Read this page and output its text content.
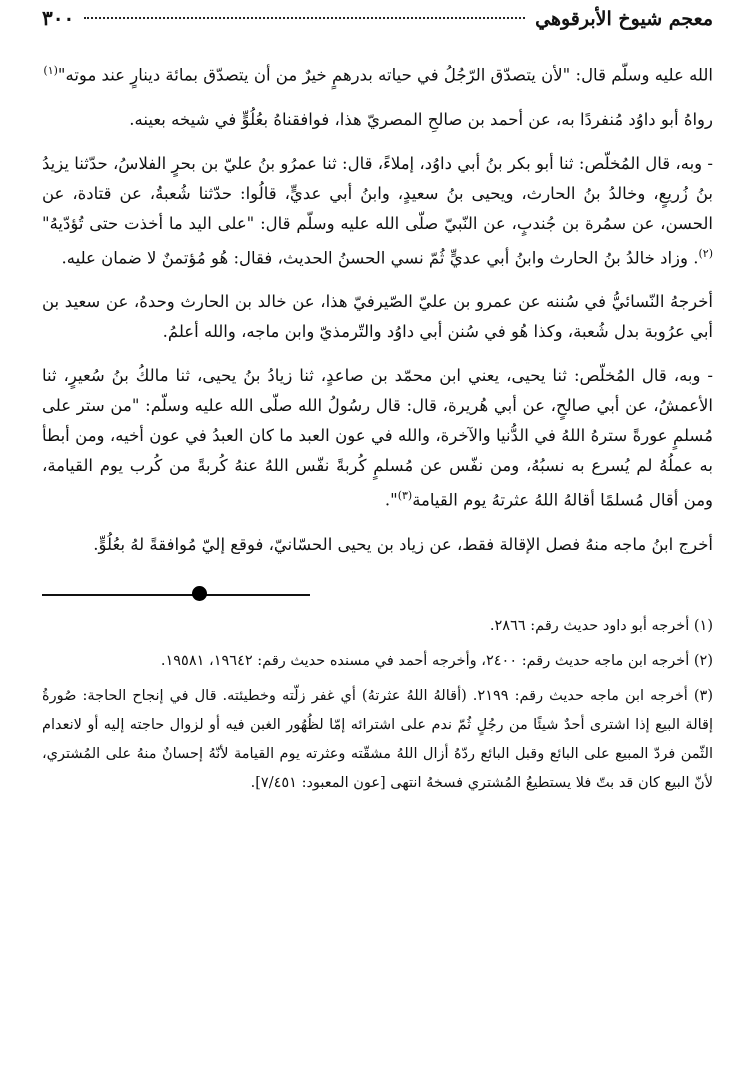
معجم شيوخ الأبرقوهي
٣٠٠

الله عليه وسلّم قال: "لأن يتصدّق الرّجُلُ في حياته بدرهمٍ خيرٌ من أن يتصدّق بمائة دينارٍ عند موته"$^{(١)}$

رواهُ أبو داوُد مُنفردًا به، عن أحمد بن صالحِ المصريّ هذا، فوافقناهُ بعُلُوٍّ في شيخه بعينه.

- وبه، قال المُخلّص: ثنا أبو بكر بنُ أبي داوُد، إملاءً، قال: ثنا عمرُو بنُ عليّ بن بحرٍ الفلاسُ، حدّثنا يزيدُ بنُ زُريعٍ، وخالدُ بنُ الحارث، ويحيى بنُ سعيدٍ، وابنُ أبي عديٍّ، قالُوا: حدّثنا شُعبةُ، عن قتادة، عن الحسن، عن سمُرة بن جُندبٍ، عن النّبيّ صلّى الله عليه وسلّم قال: "على اليد ما أخذت حتى تُؤدّيهُ"$^{(٢)}$. وزاد خالدُ بنُ الحارث وابنُ أبي عديٍّ ثُمّ نسي الحسنُ الحديث، فقال: هُو مُؤتمنٌ لا ضمان عليه.

أخرجهُ النّسائيُّ في سُننه عن عمرو بن عليّ الصّيرفيّ هذا، عن خالد بن الحارث وحدهُ، عن سعيد بن أبي عرُوبة بدل شُعبة، وكذا هُو في سُنن أبي داوُد والتّرمذيّ وابن ماجه، والله أعلمُ.

- وبه، قال المُخلّص: ثنا يحيى، يعني ابن محمّد بن صاعدٍ، ثنا زيادُ بنُ يحيى، ثنا مالكُ بنُ سُعيرٍ، ثنا الأعمشُ، عن أبي صالحٍ، عن أبي هُريرة، قال: قال رسُولُ الله صلّى الله عليه وسلّم: "من ستر على مُسلمٍ عورةً سترهُ اللهُ في الدُّنيا والآخرة، والله في عون العبد ما كان العبدُ في عون أخيه، ومن أبطأ به عملُهُ لم يُسرع به نسبُهُ، ومن نفّس عن مُسلمٍ كُربةً نفّس اللهُ عنهُ كُربةً من كُرب يوم القيامة، ومن أقال مُسلمًا أقالهُ اللهُ عثرتهُ يوم القيامة$^{(٣)}$".

أخرج ابنُ ماجه منهُ فصل الإقالة فقط، عن زياد بن يحيى الحسّانيّ، فوقع إليّ مُوافقةً لهُ بعُلُوٍّ.

(١) أخرجه أبو داود حديث رقم: ٢٨٦٦.

(٢) أخرجه ابن ماجه حديث رقم: ٢٤٠٠، وأخرجه أحمد في مسنده حديث رقم: ١٩٦٤٢، ١٩٥٨١.

(٣) أخرجه ابن ماجه حديث رقم: ٢١٩٩. (أقالهُ اللهُ عثرتهُ) أي غفر زلّته وخطيئته. قال في إنجاح الحاجة: صُورةُ إقالة البيع إذا اشترى أحدٌ شيئًا من رجُلٍ ثُمّ ندم على اشترائه إمّا لظُهُور الغبن فيه أو لزوال حاجته إليه أو لانعدام الثّمن فردّ المبيع على البائع وقبل البائع ردّهُ أزال اللهُ مشقّته وعثرته يوم القيامة لأنّهُ إحسانٌ منهُ على المُشتري، لأنّ البيع كان قد بتّ فلا يستطيعُ المُشتري فسخهُ انتهى [عون المعبود: ٧/٤٥١].
